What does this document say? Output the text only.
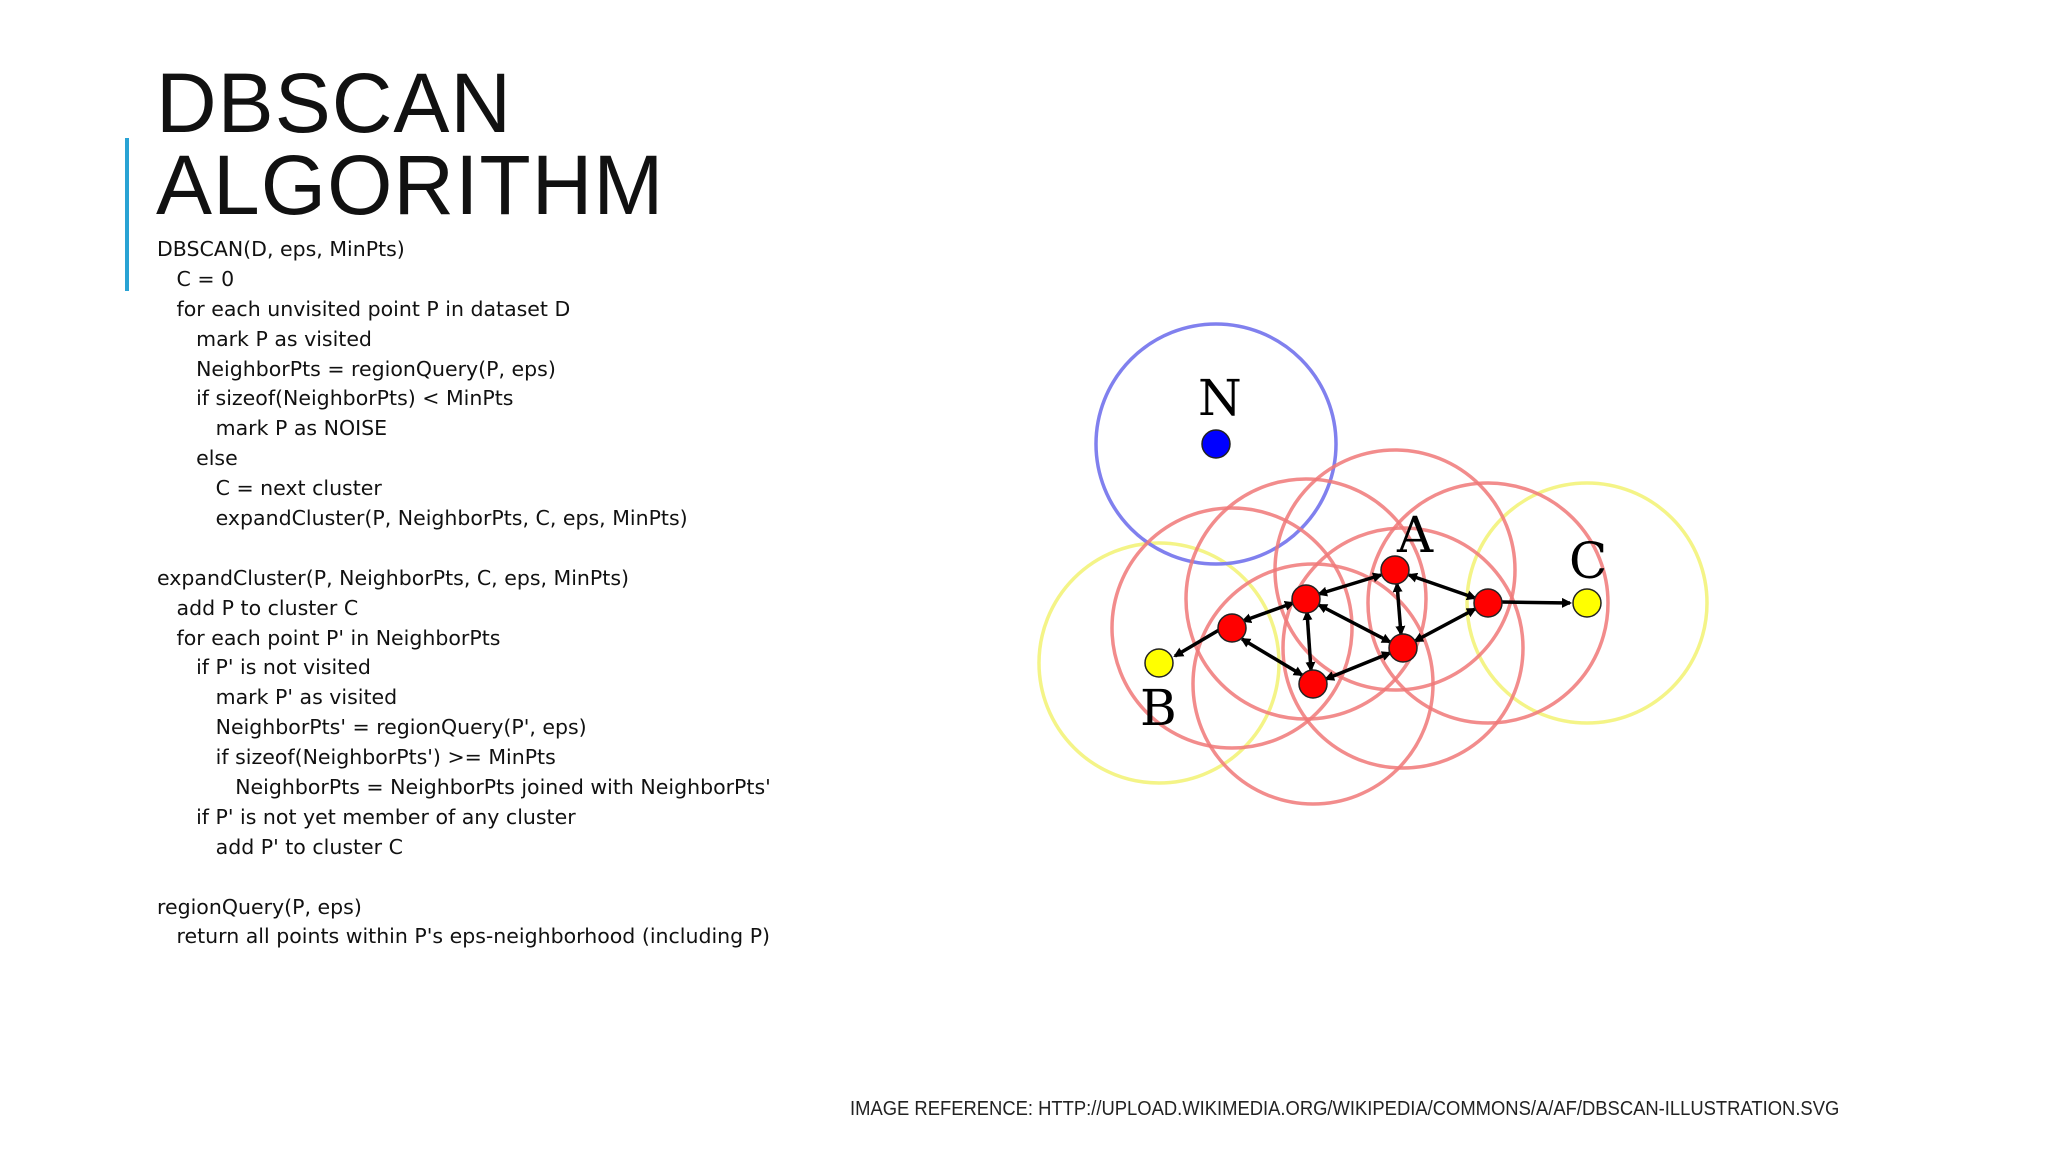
DBSCAN
ALGORITHM
DBSCAN(D, eps, MinPts)
C = 0
for each unvisited point P in dataset D
mark P as visited
NeighborPts = regionQuery(P, eps)
if sizeof(NeighborPts) < MinPts
mark P as NOISE
else
C = next cluster
expandCluster(P, NeighborPts, C, eps, MinPts)
expandCluster(P, NeighborPts, C, eps, MinPts)
add P to cluster C
for each point P' in NeighborPts
if P' is not visited
mark P' as visited
NeighborPts' = regionQuery(P', eps)
if sizeof(NeighborPts') >= MinPts
NeighborPts = NeighborPts joined with NeighborPts'
if P' is not yet member of any cluster
add P' to cluster C
regionQuery(P, eps)
return all points within P's eps-neighborhood (including P)
N
A
B
C
IMAGE REFERENCE: HTTP://UPLOAD.WIKIMEDIA.ORG/WIKIPEDIA/COMMONS/A/AF/DBSCAN-ILLUSTRATION.SVG
